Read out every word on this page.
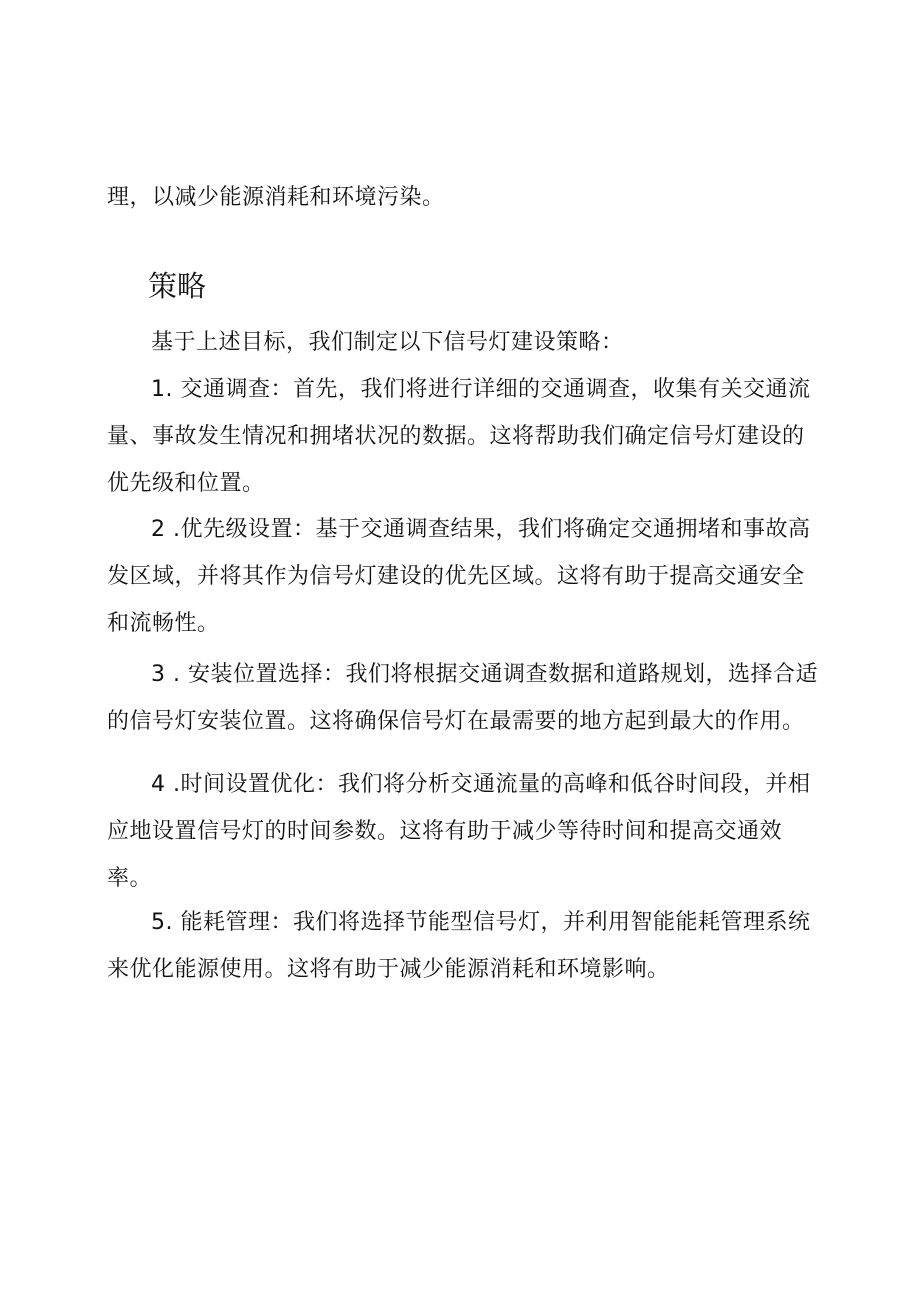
理，以减少能源消耗和环境污染。

策略

基于上述目标，我们制定以下信号灯建设策略：

1. 交通调查：首先，我们将进行详细的交通调查，收集有关交通流量、事故发生情况和拥堵状况的数据。这将帮助我们确定信号灯建设的优先级和位置。

2 .优先级设置：基于交通调查结果，我们将确定交通拥堵和事故高发区域，并将其作为信号灯建设的优先区域。这将有助于提高交通安全和流畅性。

3 . 安装位置选择：我们将根据交通调查数据和道路规划，选择合适的信号灯安装位置。这将确保信号灯在最需要的地方起到最大的作用。

4 .时间设置优化：我们将分析交通流量的高峰和低谷时间段，并相应地设置信号灯的时间参数。这将有助于减少等待时间和提高交通效率。

5. 能耗管理：我们将选择节能型信号灯，并利用智能能耗管理系统来优化能源使用。这将有助于减少能源消耗和环境影响。
